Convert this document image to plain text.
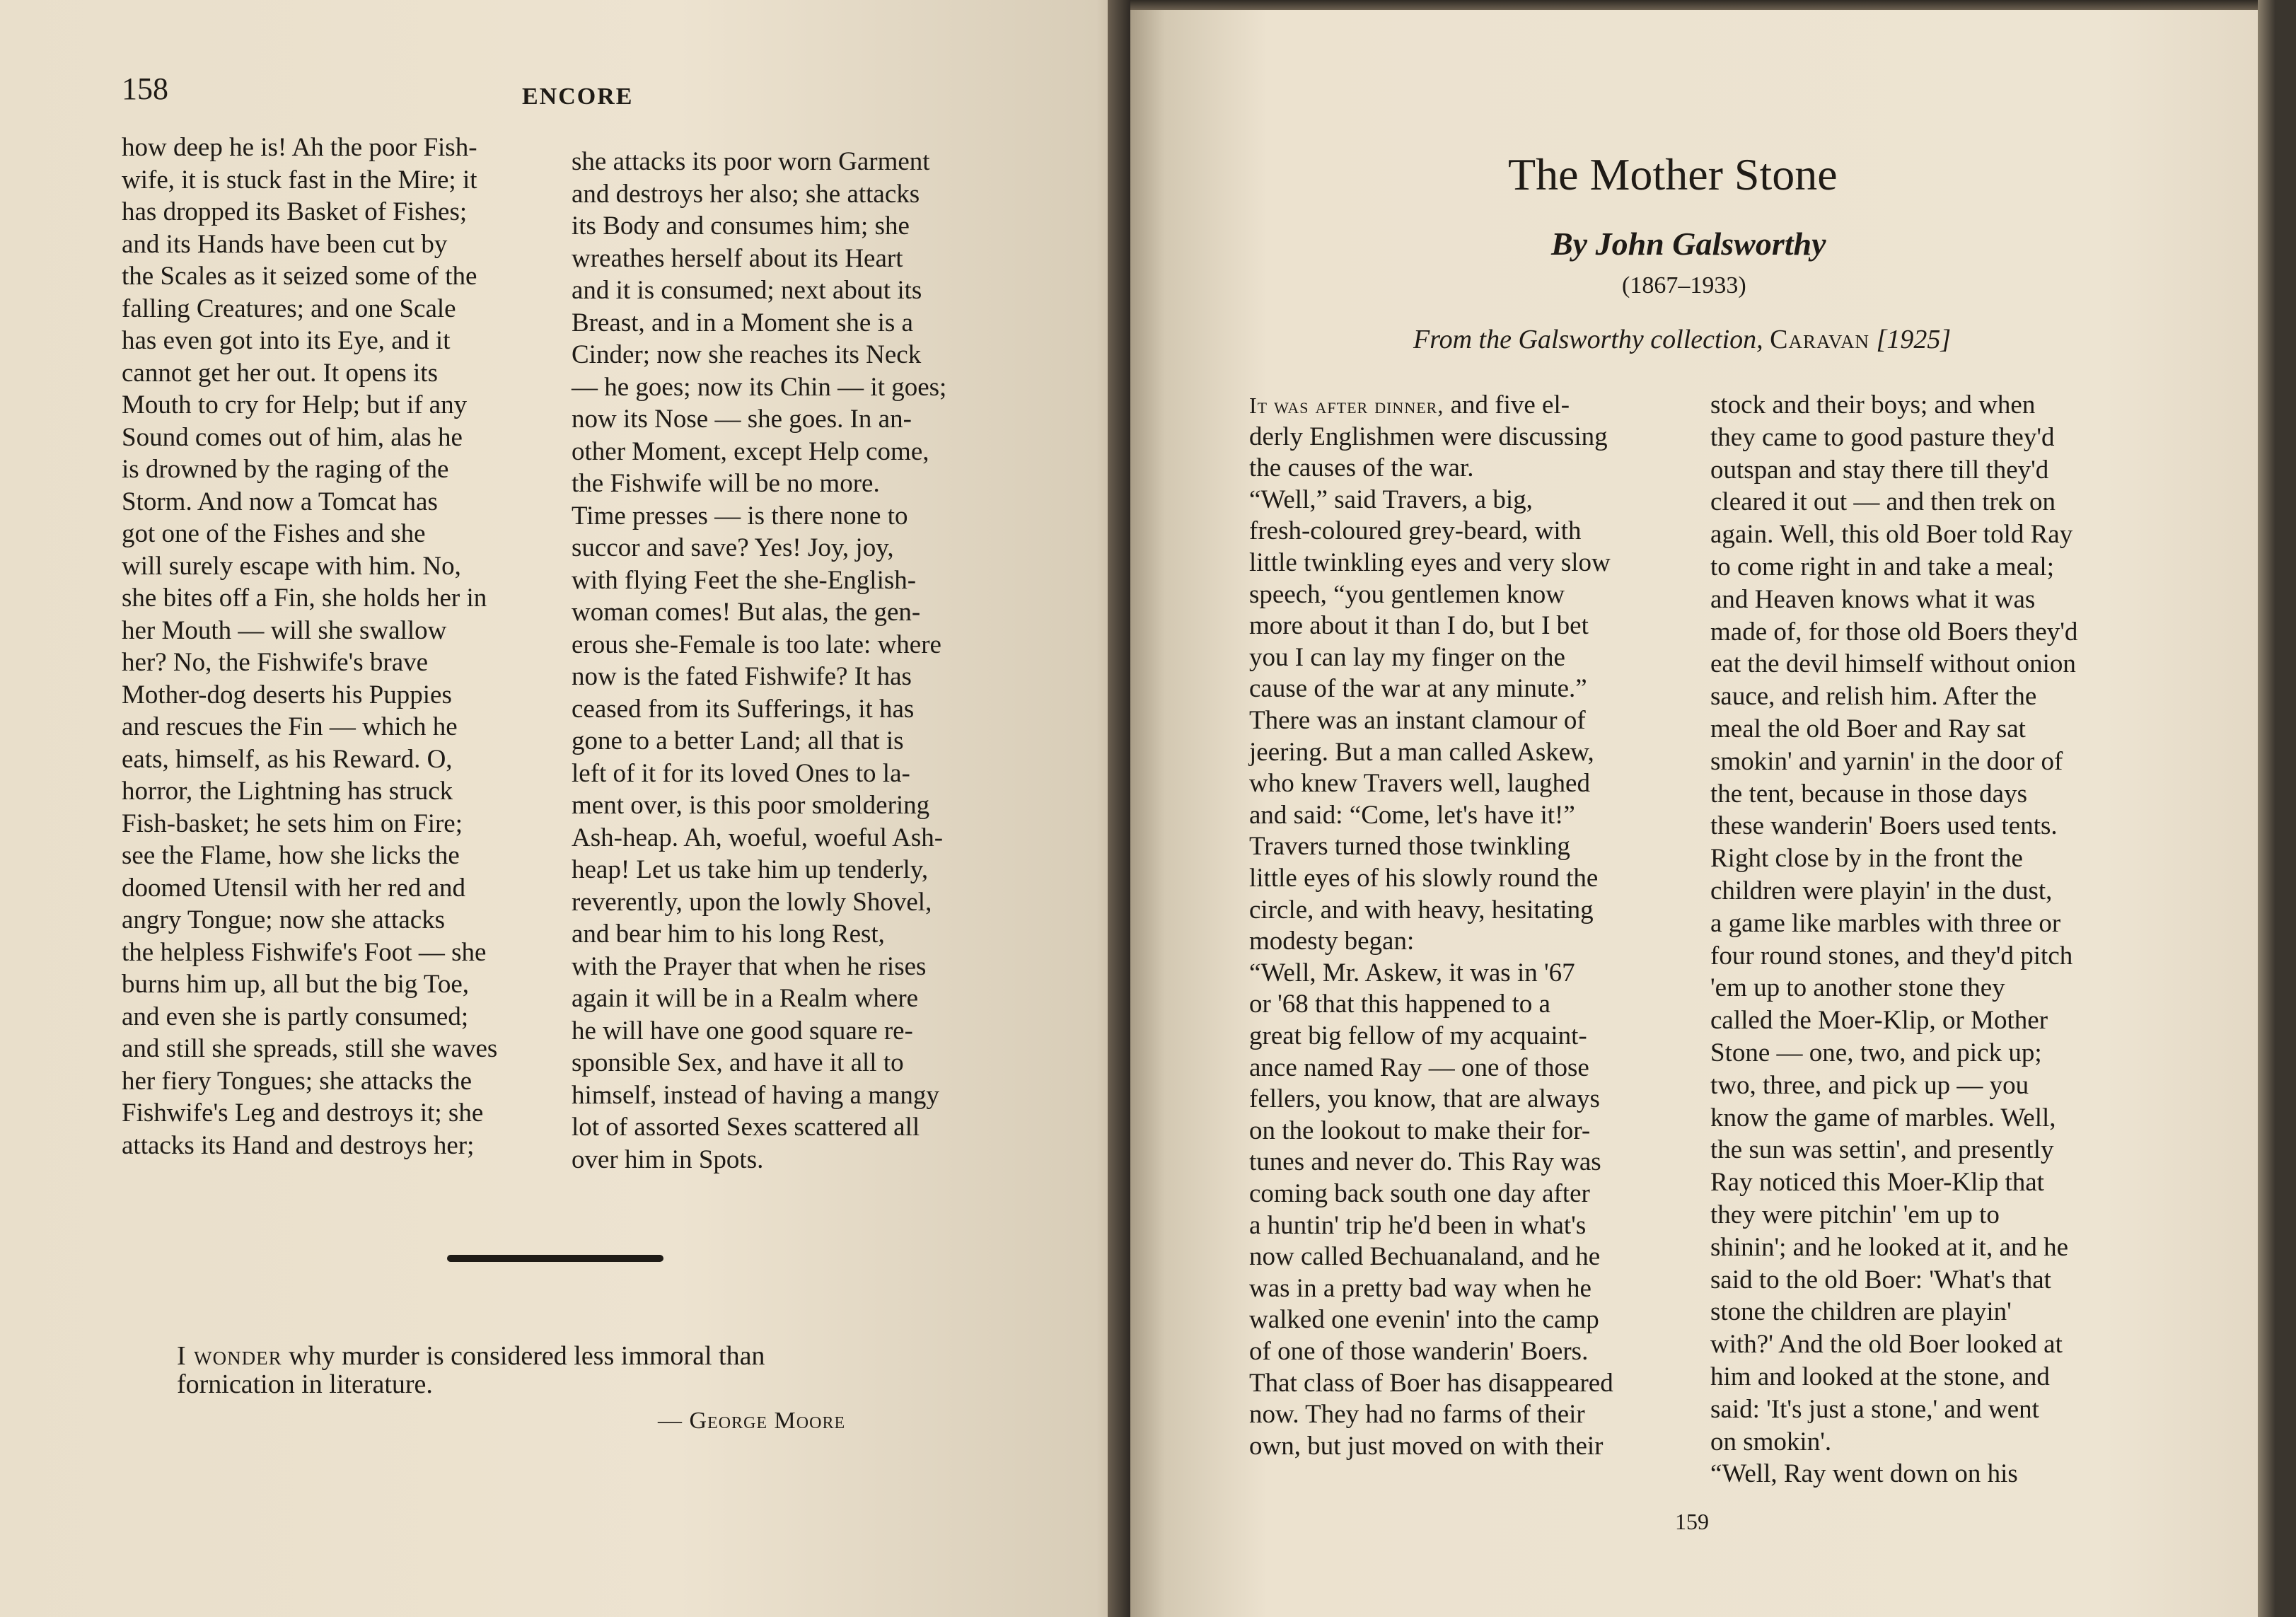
158	ENCORE
how deep he is! Ah the poor Fish-
wife, it is stuck fast in the Mire; it
has dropped its Basket of Fishes;
and its Hands have been cut by
the Scales as it seized some of the
falling Creatures; and one Scale
has even got into its Eye, and it
cannot get her out. It opens its
Mouth to cry for Help; but if any
Sound comes out of him, alas he
is drowned by the raging of the
Storm. And now a Tomcat has
got one of the Fishes and she
will surely escape with him. No,
she bites off a Fin, she holds her in
her Mouth — will she swallow
her? No, the Fishwife's brave
Mother-dog deserts his Puppies
and rescues the Fin — which he
eats, himself, as his Reward. O,
horror, the Lightning has struck
Fish-basket; he sets him on Fire;
see the Flame, how she licks the
doomed Utensil with her red and
angry Tongue; now she attacks
the helpless Fishwife's Foot — she
burns him up, all but the big Toe,
and even she is partly consumed;
and still she spreads, still she waves
her fiery Tongues; she attacks the
Fishwife's Leg and destroys it; she
attacks its Hand and destroys her;
she attacks its poor worn Garment
and destroys her also; she attacks
its Body and consumes him; she
wreathes herself about its Heart
and it is consumed; next about its
Breast, and in a Moment she is a
Cinder; now she reaches its Neck
— he goes; now its Chin — it goes;
now its Nose — she goes. In an-
other Moment, except Help come,
the Fishwife will be no more.
Time presses — is there none to
succor and save? Yes! Joy, joy,
with flying Feet the she-English-
woman comes! But alas, the gen-
erous she-Female is too late: where
now is the fated Fishwife? It has
ceased from its Sufferings, it has
gone to a better Land; all that is
left of it for its loved Ones to la-
ment over, is this poor smoldering
Ash-heap. Ah, woeful, woeful Ash-
heap! Let us take him up tenderly,
reverently, upon the lowly Shovel,
and bear him to his long Rest,
with the Prayer that when he rises
again it will be in a Realm where
he will have one good square re-
sponsible Sex, and have it all to
himself, instead of having a mangy
lot of assorted Sexes scattered all
over him in Spots.
I wonder why murder is considered less immoral than
fornication in literature.
— George Moore
The Mother Stone
By John Galsworthy
(1867–1933)
From the Galsworthy collection, Caravan [1925]
It was after dinner, and five el-
derly Englishmen were discussing
the causes of the war.
“Well,” said Travers, a big,
fresh-coloured grey-beard, with
little twinkling eyes and very slow
speech, “you gentlemen know
more about it than I do, but I bet
you I can lay my finger on the
cause of the war at any minute.”
There was an instant clamour of
jeering. But a man called Askew,
who knew Travers well, laughed
and said: “Come, let's have it!”
Travers turned those twinkling
little eyes of his slowly round the
circle, and with heavy, hesitating
modesty began:
“Well, Mr. Askew, it was in '67
or '68 that this happened to a
great big fellow of my acquaint-
ance named Ray — one of those
fellers, you know, that are always
on the lookout to make their for-
tunes and never do. This Ray was
coming back south one day after
a huntin' trip he'd been in what's
now called Bechuanaland, and he
was in a pretty bad way when he
walked one evenin' into the camp
of one of those wanderin' Boers.
That class of Boer has disappeared
now. They had no farms of their
own, but just moved on with their
stock and their boys; and when
they came to good pasture they'd
outspan and stay there till they'd
cleared it out — and then trek on
again. Well, this old Boer told Ray
to come right in and take a meal;
and Heaven knows what it was
made of, for those old Boers they'd
eat the devil himself without onion
sauce, and relish him. After the
meal the old Boer and Ray sat
smokin' and yarnin' in the door of
the tent, because in those days
these wanderin' Boers used tents.
Right close by in the front the
children were playin' in the dust,
a game like marbles with three or
four round stones, and they'd pitch
'em up to another stone they
called the Moer-Klip, or Mother
Stone — one, two, and pick up;
two, three, and pick up — you
know the game of marbles. Well,
the sun was settin', and presently
Ray noticed this Moer-Klip that
they were pitchin' 'em up to
shinin'; and he looked at it, and he
said to the old Boer: 'What's that
stone the children are playin'
with?' And the old Boer looked at
him and looked at the stone, and
said: 'It's just a stone,' and went
on smokin'.
“Well, Ray went down on his
159
